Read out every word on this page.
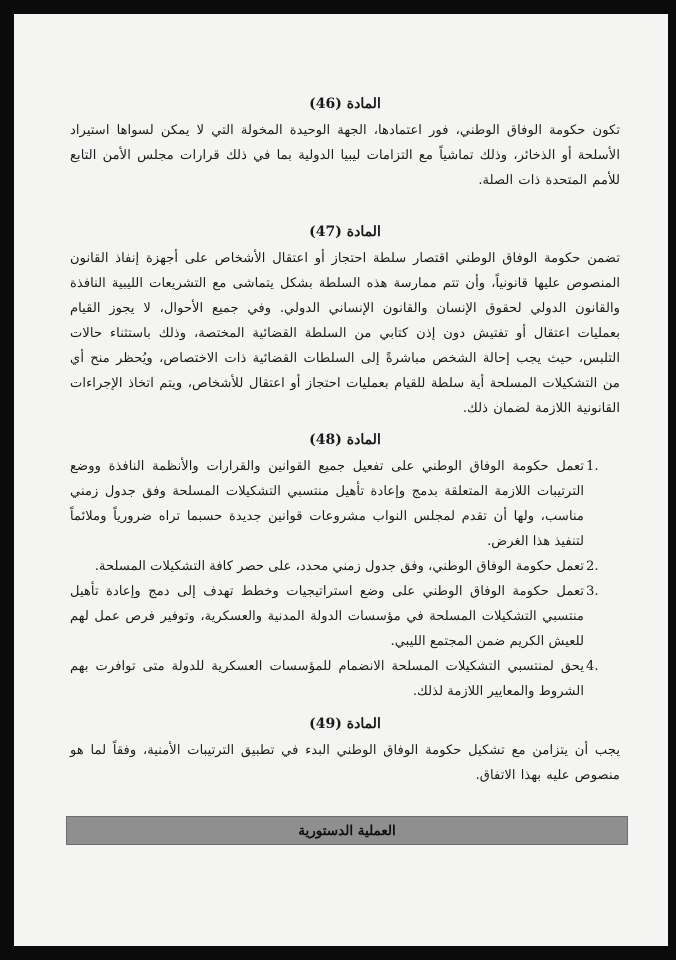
المادة (46)

تكون حكومة الوفاق الوطني، فور اعتمادها، الجهة الوحيدة المخولة التي لا يمكن لسواها استيراد الأسلحة أو الذخائر، وذلك تماشياً مع التزامات ليبيا الدولية بما في ذلك قرارات مجلس الأمن التابع للأمم المتحدة ذات الصلة.

المادة (47)

تضمن حكومة الوفاق الوطني اقتصار سلطة احتجاز أو اعتقال الأشخاص على أجهزة إنفاذ القانون المنصوص عليها قانونياً، وأن تتم ممارسة هذه السلطة بشكل يتماشى مع التشريعات الليبية النافذة والقانون الدولي لحقوق الإنسان والقانون الإنساني الدولي. وفي جميع الأحوال، لا يجوز القيام بعمليات اعتقال أو تفتيش دون إذن كتابي من السلطة القضائية المختصة، وذلك باستثناء حالات التلبس، حيث يجب إحالة الشخص مباشرةً إلى السلطات القضائية ذات الاختصاص، ويُحظر منح أي من التشكيلات المسلحة أية سلطة للقيام بعمليات احتجاز أو اعتقال للأشخاص، ويتم اتخاذ الإجراءات القانونية اللازمة لضمان ذلك.

المادة (48)
1.
تعمل حكومة الوفاق الوطني على تفعيل جميع القوانين والقرارات والأنظمة النافذة ووضع الترتيبات اللازمة المتعلقة بدمج وإعادة تأهيل منتسبي التشكيلات المسلحة وفق جدول زمني مناسب، ولها أن تقدم لمجلس النواب مشروعات قوانين جديدة حسبما تراه ضرورياً وملائماً لتنفيذ هذا الغرض.
2.
تعمل حكومة الوفاق الوطني، وفق جدول زمني محدد، على حصر كافة التشكيلات المسلحة.
3.
تعمل حكومة الوفاق الوطني على وضع استراتيجيات وخطط تهدف إلى دمج وإعادة تأهيل منتسبي التشكيلات المسلحة في مؤسسات الدولة المدنية والعسكرية، وتوفير فرص عمل لهم للعيش الكريم ضمن المجتمع الليبي.
4.
يحق لمنتسبي التشكيلات المسلحة الانضمام للمؤسسات العسكرية للدولة متى توافرت بهم الشروط والمعايير اللازمة لذلك.
المادة (49)

يجب أن يتزامن مع تشكيل حكومة الوفاق الوطني البدء في تطبيق الترتيبات الأمنية، وفقاً لما هو منصوص عليه بهذا الاتفاق.

العملية الدستورية
